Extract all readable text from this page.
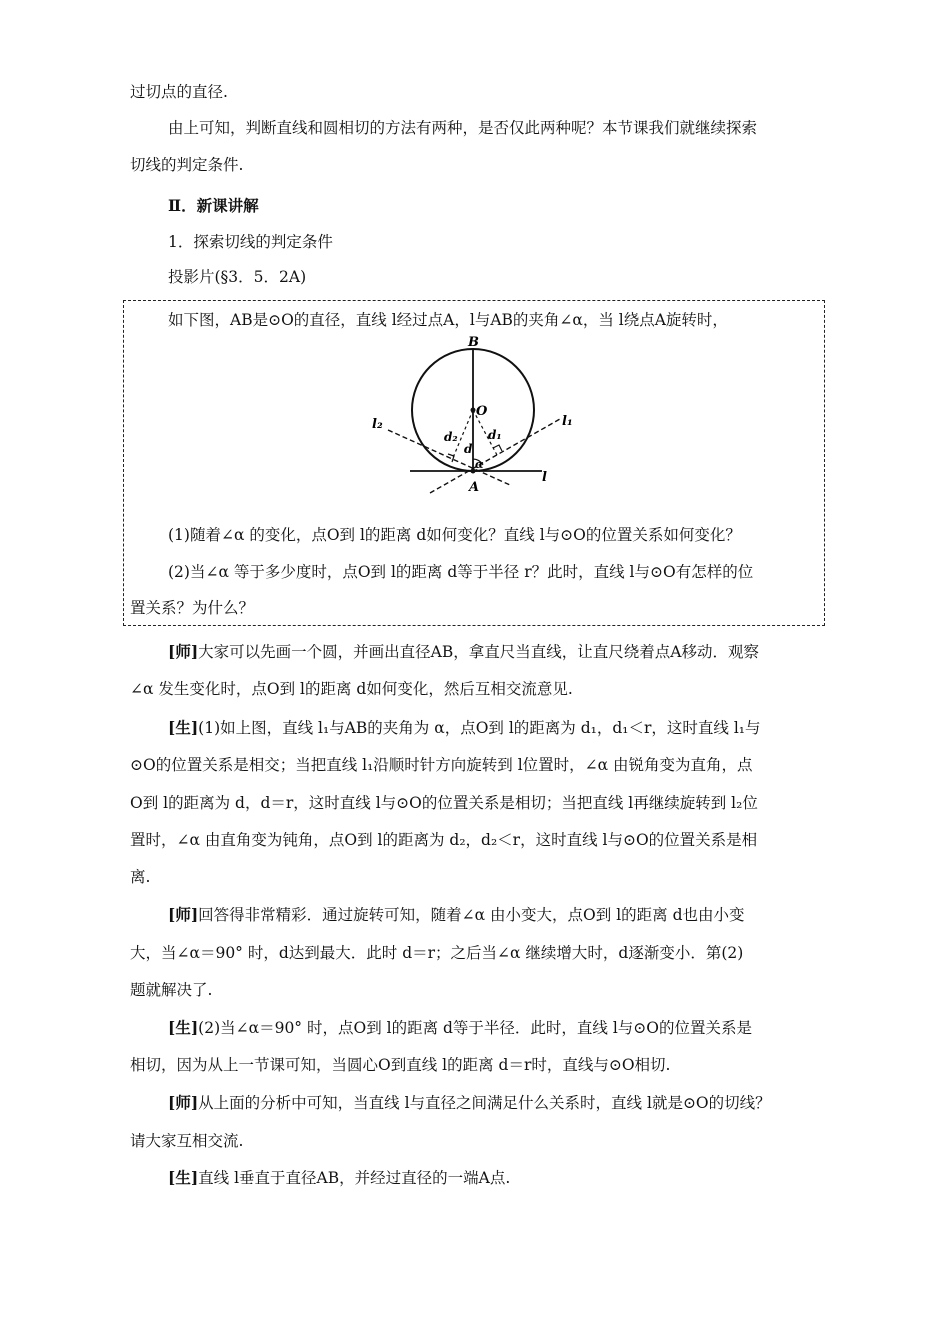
过切点的直径.
由上可知，判断直线和圆相切的方法有两种，是否仅此两种呢？本节课我们就继续探索
切线的判定条件.
Ⅱ．新课讲解
1．探索切线的判定条件
投影片(§3．5．2A)
如下图，AB是⊙O的直径，直线 l经过点A，l与AB的夹角∠α，当 l绕点A旋转时，
B
O
A
l
l₁
l₂
d
d₁
d₂
α
(1)随着∠α 的变化，点O到 l的距离 d如何变化？直线 l与⊙O的位置关系如何变化？
(2)当∠α 等于多少度时，点O到 l的距离 d等于半径 r？此时，直线 l与⊙O有怎样的位
置关系？为什么？
[师]大家可以先画一个圆，并画出直径AB，拿直尺当直线，让直尺绕着点A移动．观察
∠α 发生变化时，点O到 l的距离 d如何变化，然后互相交流意见.
[生](1)如上图，直线 l₁与AB的夹角为 α，点O到 l的距离为 d₁，d₁＜r，这时直线 l₁与
⊙O的位置关系是相交；当把直线 l₁沿顺时针方向旋转到 l位置时，∠α 由锐角变为直角，点
O到 l的距离为 d，d＝r，这时直线 l与⊙O的位置关系是相切；当把直线 l再继续旋转到 l₂位
置时，∠α 由直角变为钝角，点O到 l的距离为 d₂，d₂＜r，这时直线 l与⊙O的位置关系是相
离.
[师]回答得非常精彩．通过旋转可知，随着∠α 由小变大，点O到 l的距离 d也由小变
大，当∠α＝90° 时，d达到最大．此时 d＝r；之后当∠α 继续增大时，d逐渐变小．第(2)
题就解决了.
[生](2)当∠α＝90° 时，点O到 l的距离 d等于半径．此时，直线 l与⊙O的位置关系是
相切，因为从上一节课可知，当圆心O到直线 l的距离 d＝r时，直线与⊙O相切.
[师]从上面的分析中可知，当直线 l与直径之间满足什么关系时，直线 l就是⊙O的切线？
请大家互相交流.
[生]直线 l垂直于直径AB，并经过直径的一端A点.
